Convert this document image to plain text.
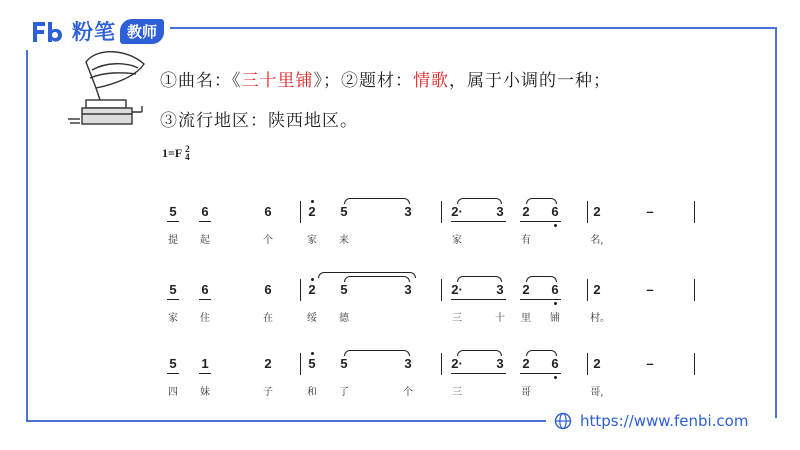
粉笔 教师
①曲名：《三十里铺》；②题材：情歌，属于小调的一种；
③流行地区：陕西地区。
1=F 2
4
5 6	6	2 5	3	2·	3 2 6	2	–
提 起	个	家 来	家	有	名,
5 6	6	2 5	3	2·	3 2 6	2	–
家 住	在	绥 德	三	十 里 铺	村。
5 1	2	5 5	3	2·	3 2 6	2	–
四 妹	子	和 了	个	三	哥	哥,
https://www.fenbi.com
